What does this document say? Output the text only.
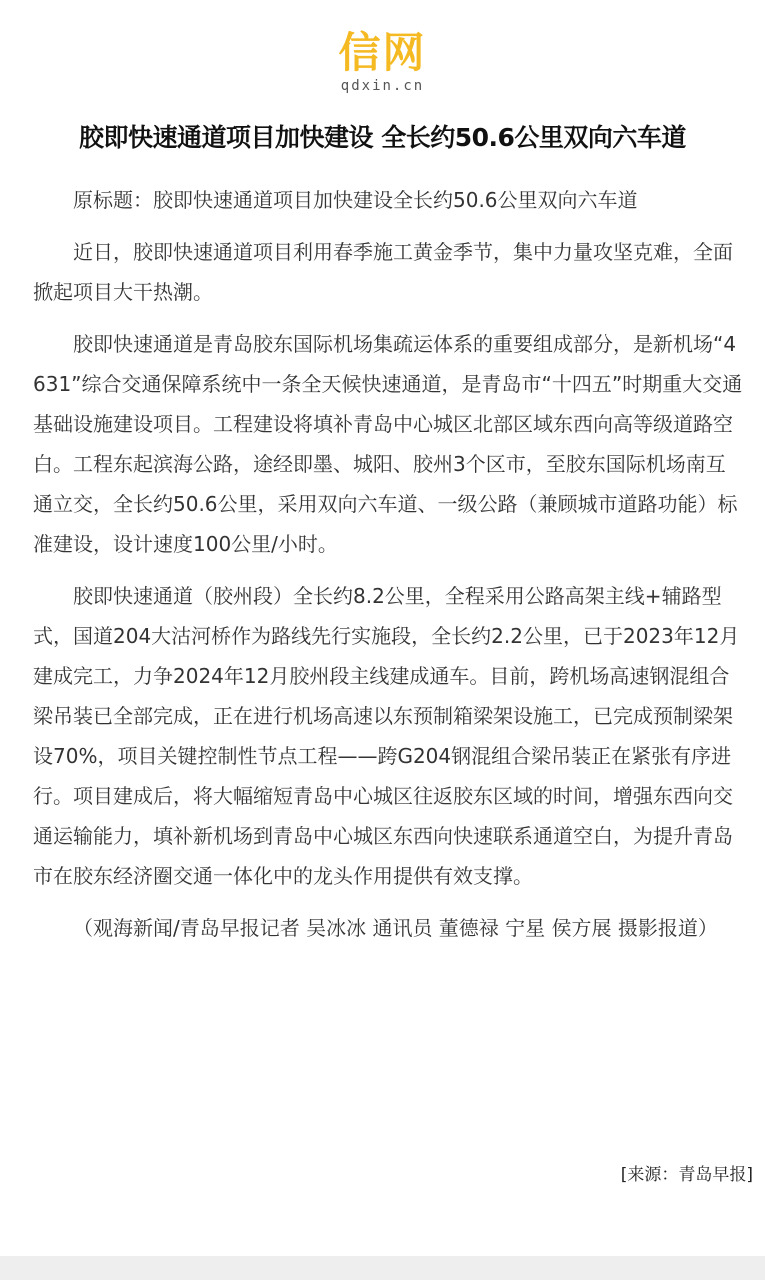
信网
qdxin.cn
胶即快速通道项目加快建设 全长约50.6公里双向六车道

原标题：胶即快速通道项目加快建设全长约50.6公里双向六车道

近日，胶即快速通道项目利用春季施工黄金季节，集中力量攻坚克难，全面掀起项目大干热潮。

胶即快速通道是青岛胶东国际机场集疏运体系的重要组成部分，是新机场“4631”综合交通保障系统中一条全天候快速通道，是青岛市“十四五”时期重大交通基础设施建设项目。工程建设将填补青岛中心城区北部区域东西向高等级道路空白。工程东起滨海公路，途经即墨、城阳、胶州3个区市，至胶东国际机场南互通立交，全长约50.6公里，采用双向六车道、一级公路（兼顾城市道路功能）标准建设，设计速度100公里/小时。

胶即快速通道（胶州段）全长约8.2公里，全程采用公路高架主线+辅路型式，国道204大沽河桥作为路线先行实施段，全长约2.2公里，已于2023年12月建成完工，力争2024年12月胶州段主线建成通车。目前，跨机场高速钢混组合梁吊装已全部完成，正在进行机场高速以东预制箱梁架设施工，已完成预制梁架设70%，项目关键控制性节点工程——跨G204钢混组合梁吊装正在紧张有序进行。项目建成后，将大幅缩短青岛中心城区往返胶东区域的时间，增强东西向交通运输能力，填补新机场到青岛中心城区东西向快速联系通道空白，为提升青岛市在胶东经济圈交通一体化中的龙头作用提供有效支撑。

（观海新闻/青岛早报记者 吴冰冰 通讯员 董德禄 宁星 侯方展 摄影报道）

[来源：青岛早报]
